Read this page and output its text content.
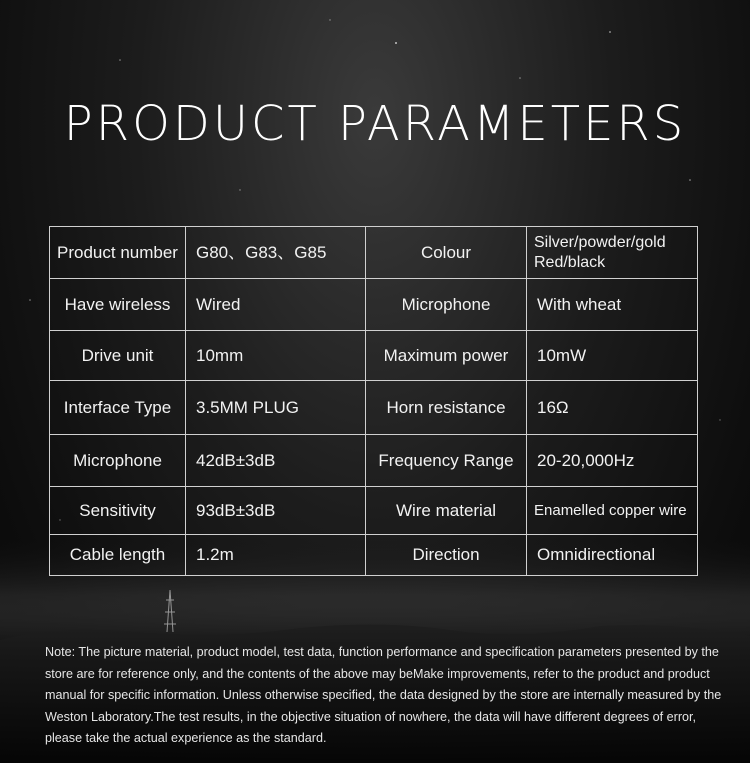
PRODUCT PARAMETERS
Product number	G80、G83、G85	Colour	Silver/powder/gold
Red/black
Have wireless	Wired	Microphone	With wheat
Drive unit	10mm	Maximum power	10mW
Interface Type	3.5MM PLUG	Horn resistance	16Ω
Microphone	42dB±3dB	Frequency Range	20-20,000Hz
Sensitivity	93dB±3dB	Wire material	Enamelled copper wire
Cable length	1.2m	Direction	Omnidirectional

Note: The picture material, product model, test data, function performance and specification parameters presented by the store are for reference only, and the contents of the above may beMake improvements, refer to the product and product manual for specific information. Unless otherwise specified, the data designed by the store are internally measured by the Weston Laboratory.The test results, in the objective situation of nowhere, the data will have different degrees of error, please take the actual experience as the standard.
